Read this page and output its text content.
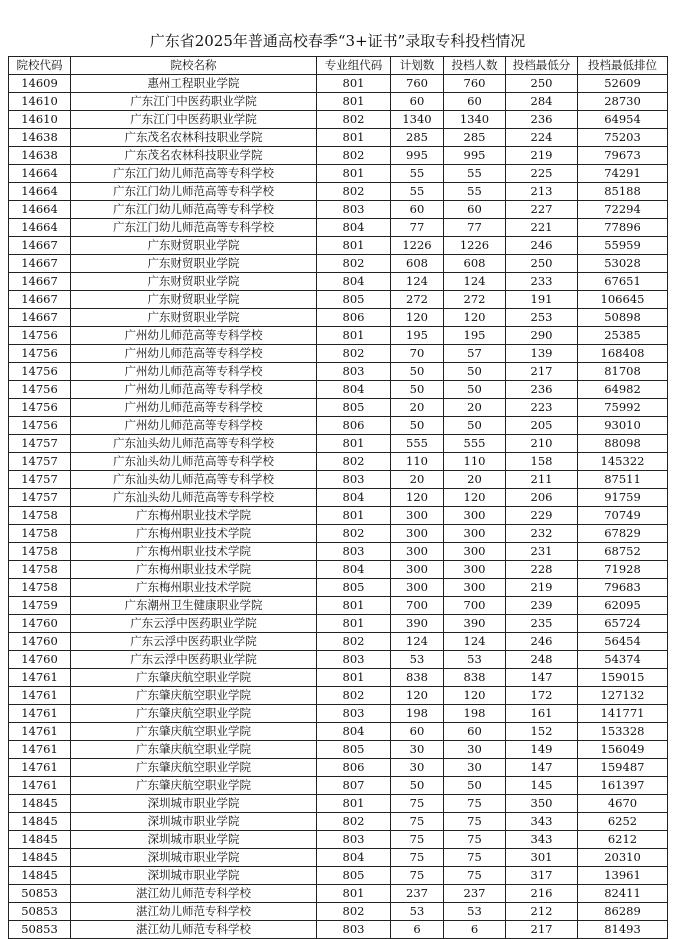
广东省2025年普通高校春季“3+证书”录取专科投档情况
院校代码	院校名称	专业组代码	计划数	投档人数	投档最低分	投档最低排位
14609	惠州工程职业学院	801	760	760	250	52609
14610	广东江门中医药职业学院	801	60	60	284	28730
14610	广东江门中医药职业学院	802	1340	1340	236	64954
14638	广东茂名农林科技职业学院	801	285	285	224	75203
14638	广东茂名农林科技职业学院	802	995	995	219	79673
14664	广东江门幼儿师范高等专科学校	801	55	55	225	74291
14664	广东江门幼儿师范高等专科学校	802	55	55	213	85188
14664	广东江门幼儿师范高等专科学校	803	60	60	227	72294
14664	广东江门幼儿师范高等专科学校	804	77	77	221	77896
14667	广东财贸职业学院	801	1226	1226	246	55959
14667	广东财贸职业学院	802	608	608	250	53028
14667	广东财贸职业学院	804	124	124	233	67651
14667	广东财贸职业学院	805	272	272	191	106645
14667	广东财贸职业学院	806	120	120	253	50898
14756	广州幼儿师范高等专科学校	801	195	195	290	25385
14756	广州幼儿师范高等专科学校	802	70	57	139	168408
14756	广州幼儿师范高等专科学校	803	50	50	217	81708
14756	广州幼儿师范高等专科学校	804	50	50	236	64982
14756	广州幼儿师范高等专科学校	805	20	20	223	75992
14756	广州幼儿师范高等专科学校	806	50	50	205	93010
14757	广东汕头幼儿师范高等专科学校	801	555	555	210	88098
14757	广东汕头幼儿师范高等专科学校	802	110	110	158	145322
14757	广东汕头幼儿师范高等专科学校	803	20	20	211	87511
14757	广东汕头幼儿师范高等专科学校	804	120	120	206	91759
14758	广东梅州职业技术学院	801	300	300	229	70749
14758	广东梅州职业技术学院	802	300	300	232	67829
14758	广东梅州职业技术学院	803	300	300	231	68752
14758	广东梅州职业技术学院	804	300	300	228	71928
14758	广东梅州职业技术学院	805	300	300	219	79683
14759	广东潮州卫生健康职业学院	801	700	700	239	62095
14760	广东云浮中医药职业学院	801	390	390	235	65724
14760	广东云浮中医药职业学院	802	124	124	246	56454
14760	广东云浮中医药职业学院	803	53	53	248	54374
14761	广东肇庆航空职业学院	801	838	838	147	159015
14761	广东肇庆航空职业学院	802	120	120	172	127132
14761	广东肇庆航空职业学院	803	198	198	161	141771
14761	广东肇庆航空职业学院	804	60	60	152	153328
14761	广东肇庆航空职业学院	805	30	30	149	156049
14761	广东肇庆航空职业学院	806	30	30	147	159487
14761	广东肇庆航空职业学院	807	50	50	145	161397
14845	深圳城市职业学院	801	75	75	350	4670
14845	深圳城市职业学院	802	75	75	343	6252
14845	深圳城市职业学院	803	75	75	343	6212
14845	深圳城市职业学院	804	75	75	301	20310
14845	深圳城市职业学院	805	75	75	317	13961
50853	湛江幼儿师范专科学校	801	237	237	216	82411
50853	湛江幼儿师范专科学校	802	53	53	212	86289
50853	湛江幼儿师范专科学校	803	6	6	217	81493
